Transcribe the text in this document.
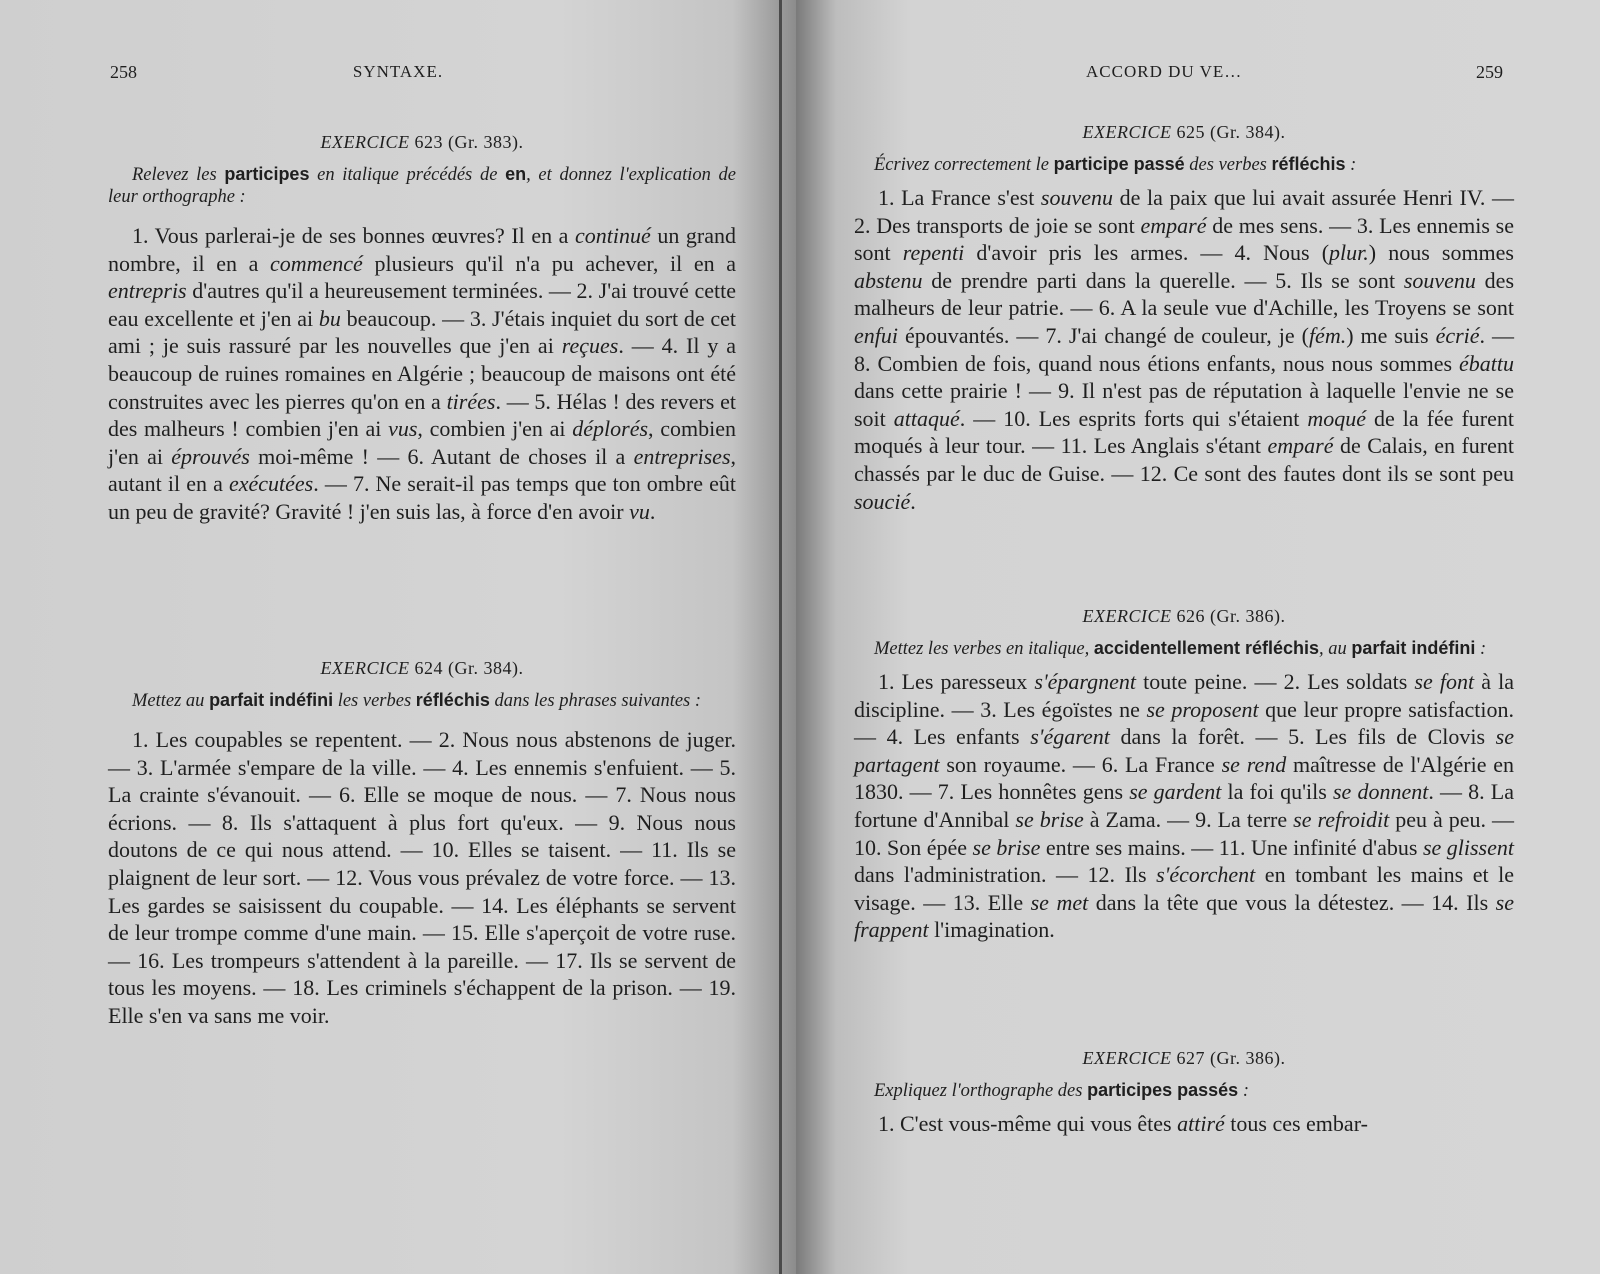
258	SYNTAXE.
EXERCICE 623 (Gr. 383).

Relevez les participes en italique précédés de en, et donnez l'explication de leur orthographe :

1. Vous parlerai-je de ses bonnes œuvres? Il en a continué un grand nombre, il en a commencé plusieurs qu'il n'a pu achever, il en a entrepris d'autres qu'il a heureusement terminées. — 2. J'ai trouvé cette eau excellente et j'en ai bu beaucoup. — 3. J'étais inquiet du sort de cet ami ; je suis rassuré par les nouvelles que j'en ai reçues. — 4. Il y a beaucoup de ruines romaines en Algérie ; beaucoup de maisons ont été construites avec les pierres qu'on en a tirées. — 5. Hélas ! des revers et des malheurs ! combien j'en ai vus, combien j'en ai déplorés, combien j'en ai éprouvés moi-même ! — 6. Autant de choses il a entreprises, autant il en a exécutées. — 7. Ne serait-il pas temps que ton ombre eût un peu de gravité? Gravité ! j'en suis las, à force d'en avoir vu.

EXERCICE 624 (Gr. 384).

Mettez au parfait indéfini les verbes réfléchis dans les phrases suivantes :

1. Les coupables se repentent. — 2. Nous nous abstenons de juger. — 3. L'armée s'empare de la ville. — 4. Les ennemis s'enfuient. — 5. La crainte s'évanouit. — 6. Elle se moque de nous. — 7. Nous nous écrions. — 8. Ils s'attaquent à plus fort qu'eux. — 9. Nous nous doutons de ce qui nous attend. — 10. Elles se taisent. — 11. Ils se plaignent de leur sort. — 12. Vous vous prévalez de votre force. — 13. Les gardes se saisissent du coupable. — 14. Les éléphants se servent de leur trompe comme d'une main. — 15. Elle s'aperçoit de votre ruse. — 16. Les trompeurs s'attendent à la pareille. — 17. Ils se servent de tous les moyens. — 18. Les criminels s'échappent de la prison. — 19. Elle s'en va sans me voir.

ACCORD DU VE…	259
EXERCICE 625 (Gr. 384).

Écrivez correctement le participe passé des verbes réfléchis :

1. La France s'est souvenu de la paix que lui avait assurée Henri IV. — 2. Des transports de joie se sont emparé de mes sens. — 3. Les ennemis se sont repenti d'avoir pris les armes. — 4. Nous (plur.) nous sommes abstenu de prendre parti dans la querelle. — 5. Ils se sont souvenu des malheurs de leur patrie. — 6. A la seule vue d'Achille, les Troyens se sont enfui épouvantés. — 7. J'ai changé de couleur, je (fém.) me suis écrié. — 8. Combien de fois, quand nous étions enfants, nous nous sommes ébattu dans cette prairie ! — 9. Il n'est pas de réputation à laquelle l'envie ne se soit attaqué. — 10. Les esprits forts qui s'étaient moqué de la fée furent moqués à leur tour. — 11. Les Anglais s'étant emparé de Calais, en furent chassés par le duc de Guise. — 12. Ce sont des fautes dont ils se sont peu soucié.

EXERCICE 626 (Gr. 386).

Mettez les verbes en italique, accidentellement réfléchis, au parfait indéfini :

1. Les paresseux s'épargnent toute peine. — 2. Les soldats se font à la discipline. — 3. Les égoïstes ne se proposent que leur propre satisfaction. — 4. Les enfants s'égarent dans la forêt. — 5. Les fils de Clovis se partagent son royaume. — 6. La France se rend maîtresse de l'Algérie en 1830. — 7. Les honnêtes gens se gardent la foi qu'ils se donnent. — 8. La fortune d'Annibal se brise à Zama. — 9. La terre se refroidit peu à peu. — 10. Son épée se brise entre ses mains. — 11. Une infinité d'abus se glissent dans l'administration. — 12. Ils s'écorchent en tombant les mains et le visage. — 13. Elle se met dans la tête que vous la détestez. — 14. Ils se frappent l'imagination.

EXERCICE 627 (Gr. 386).

Expliquez l'orthographe des participes passés :

1. C'est vous-même qui vous êtes attiré tous ces embar-
